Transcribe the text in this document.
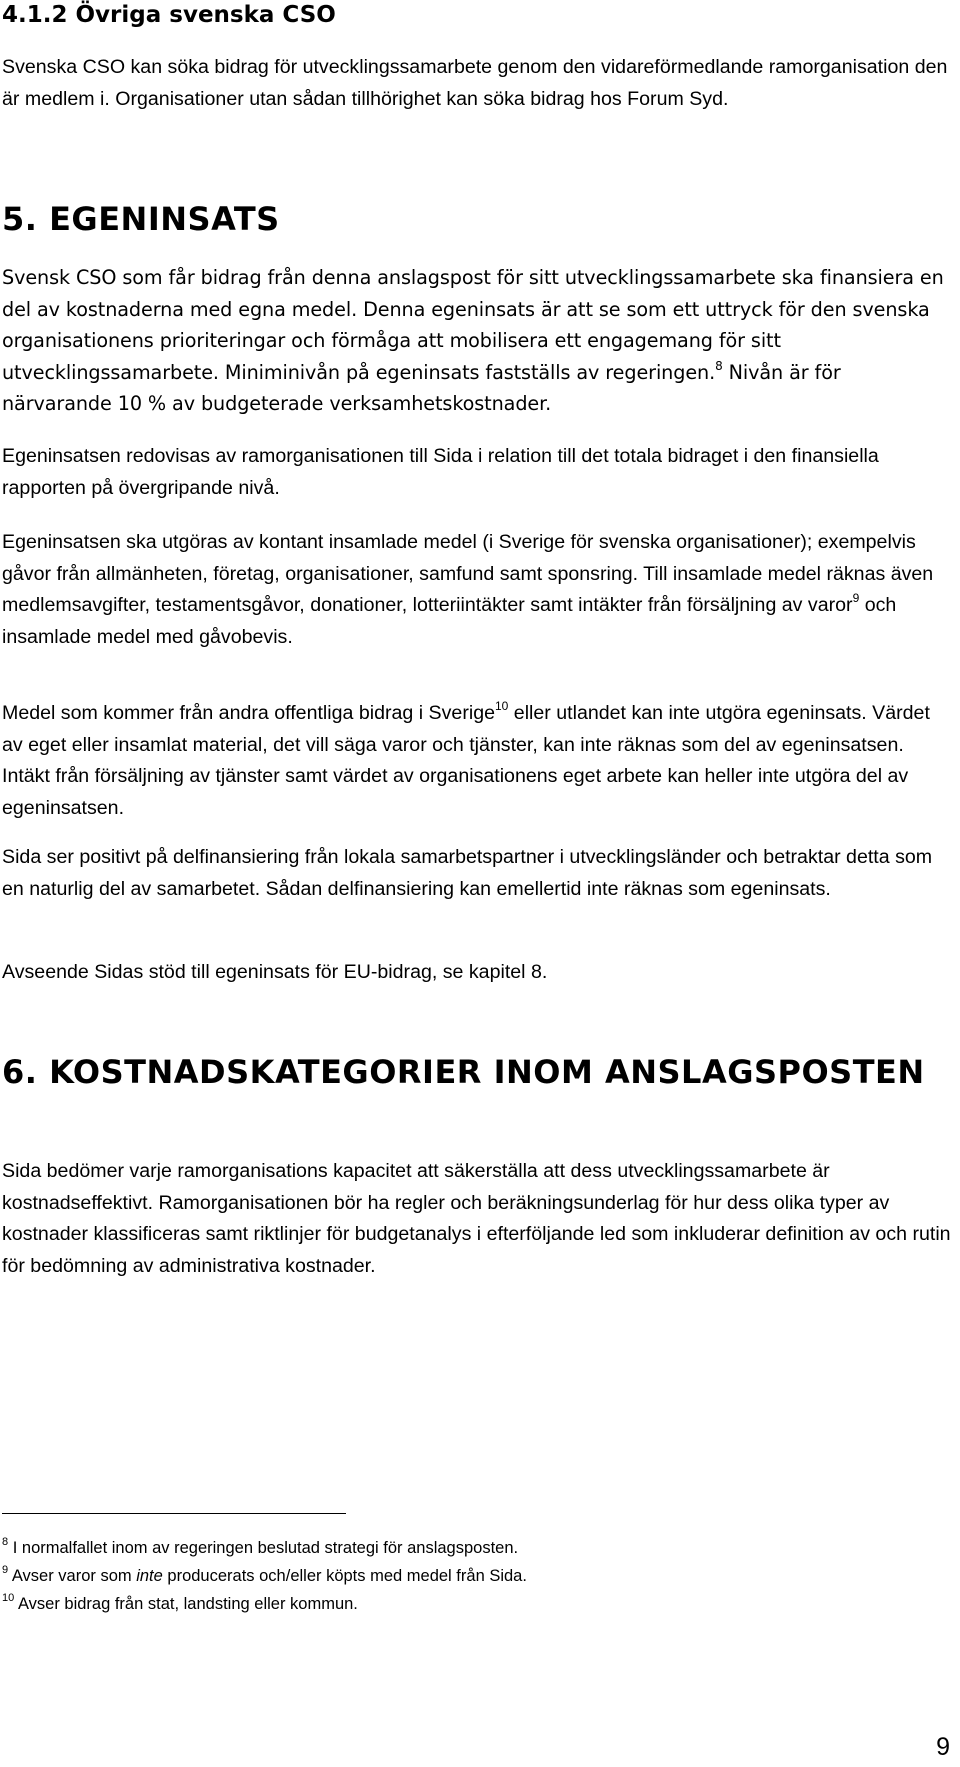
4.1.2 Övriga svenska CSO
Svenska CSO kan söka bidrag för utvecklingssamarbete genom den vidareförmedlande ramorganisation den är medlem i. Organisationer utan sådan tillhörighet kan söka bidrag hos Forum Syd.
5. EGENINSATS
Svensk CSO som får bidrag från denna anslagspost för sitt utvecklingssamarbete ska finansiera en del av kostnaderna med egna medel. Denna egeninsats är att se som ett uttryck för den svenska organisationens prioriteringar och förmåga att mobilisera ett engagemang för sitt utvecklingssamarbete. Miniminivån på egeninsats fastställs av regeringen.$^8$ Nivån är för närvarande 10 % av budgeterade verksamhetskostnader.
Egeninsatsen redovisas av ramorganisationen till Sida i relation till det totala bidraget i den finansiella rapporten på övergripande nivå.
Egeninsatsen ska utgöras av kontant insamlade medel (i Sverige för svenska organisationer); exempelvis gåvor från allmänheten, företag, organisationer, samfund samt sponsring. Till insamlade medel räknas även medlemsavgifter, testamentsgåvor, donationer, lotteriintäkter samt intäkter från försäljning av varor$^9$ och insamlade medel med gåvobevis.
Medel som kommer från andra offentliga bidrag i Sverige$^{10}$ eller utlandet kan inte utgöra egeninsats. Värdet av eget eller insamlat material, det vill säga varor och tjänster, kan inte räknas som del av egeninsatsen. Intäkt från försäljning av tjänster samt värdet av organisationens eget arbete kan heller inte utgöra del av egeninsatsen.
Sida ser positivt på delfinansiering från lokala samarbetspartner i utvecklingsländer och betraktar detta som en naturlig del av samarbetet. Sådan delfinansiering kan emellertid inte räknas som egeninsats.
Avseende Sidas stöd till egeninsats för EU-bidrag, se kapitel 8.
6. KOSTNADSKATEGORIER INOM ANSLAGSPOSTEN
Sida bedömer varje ramorganisations kapacitet att säkerställa att dess utvecklingssamarbete är kostnadseffektivt. Ramorganisationen bör ha regler och beräkningsunderlag för hur dess olika typer av kostnader klassificeras samt riktlinjer för budgetanalys i efterföljande led som inkluderar definition av och rutin för bedömning av administrativa kostnader.
$^8$ I normalfallet inom av regeringen beslutad strategi för anslagsposten.
$^9$ Avser varor som inte producerats och/eller köpts med medel från Sida.
$^{10}$ Avser bidrag från stat, landsting eller kommun.
9
